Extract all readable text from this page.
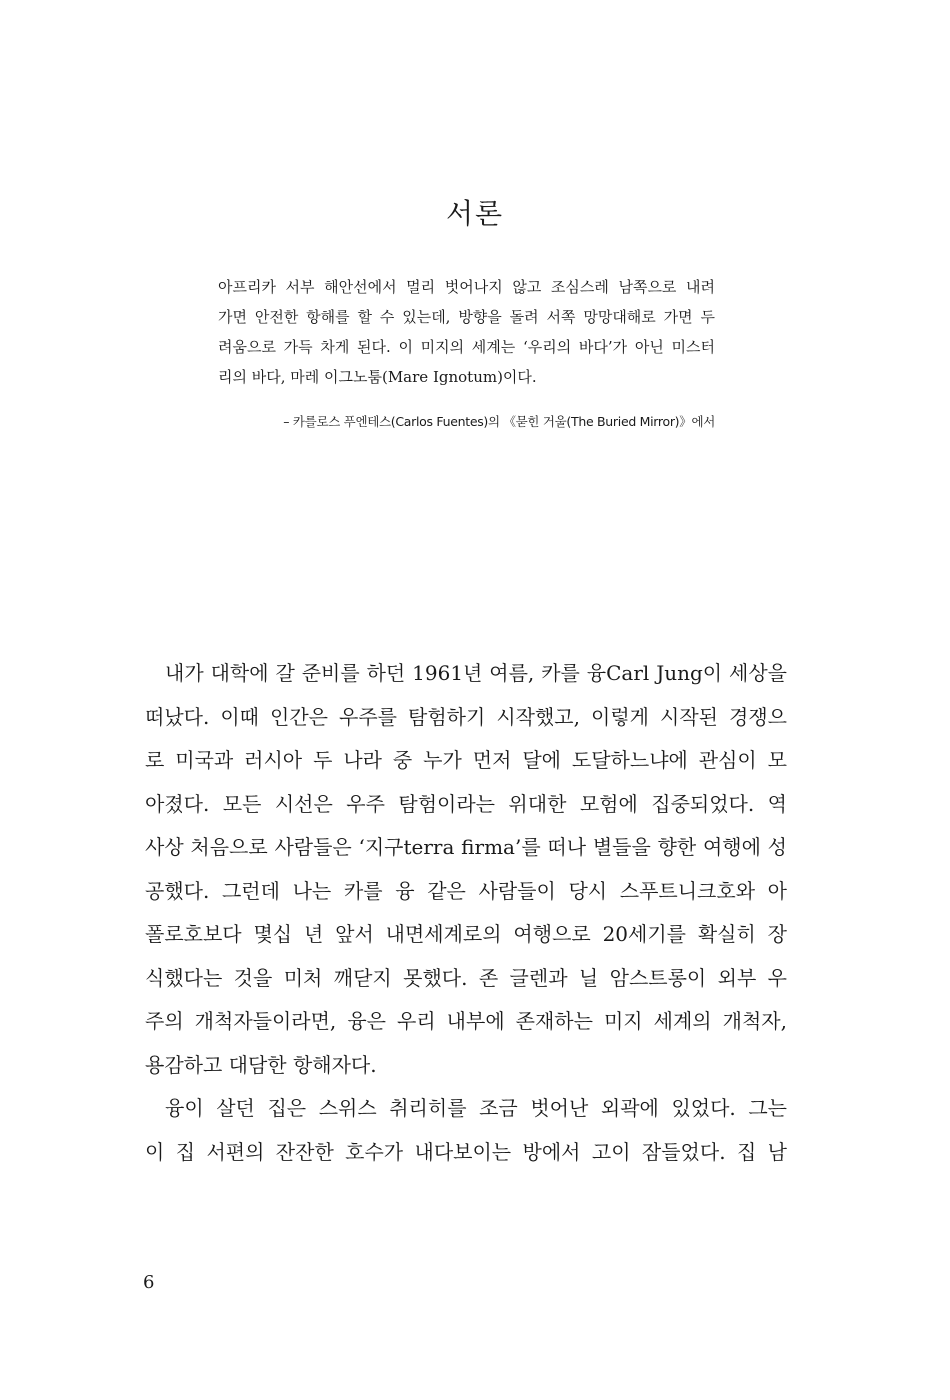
서론

아프리카 서부 해안선에서 멀리 벗어나지 않고 조심스레 남쪽으로 내려
가면 안전한 항해를 할 수 있는데, 방향을 돌려 서쪽 망망대해로 가면 두
려움으로 가득 차게 된다. 이 미지의 세계는 ‘우리의 바다’가 아닌 미스터
리의 바다, 마레 이그노툼(Mare Ignotum)이다.

– 카를로스 푸엔테스(Carlos Fuentes)의 《묻힌 거울(The Buried Mirror)》에서

내가 대학에 갈 준비를 하던 1961년 여름, 카를 융Carl Jung이 세상을
떠났다. 이때 인간은 우주를 탐험하기 시작했고, 이렇게 시작된 경쟁으
로 미국과 러시아 두 나라 중 누가 먼저 달에 도달하느냐에 관심이 모
아졌다. 모든 시선은 우주 탐험이라는 위대한 모험에 집중되었다. 역
사상 처음으로 사람들은 ‘지구terra firma’를 떠나 별들을 향한 여행에 성
공했다. 그런데 나는 카를 융 같은 사람들이 당시 스푸트니크호와 아
폴로호보다 몇십 년 앞서 내면세계로의 여행으로 20세기를 확실히 장
식했다는 것을 미처 깨닫지 못했다. 존 글렌과 닐 암스트롱이 외부 우
주의 개척자들이라면, 융은 우리 내부에 존재하는 미지 세계의 개척자,
용감하고 대담한 항해자다.
융이 살던 집은 스위스 취리히를 조금 벗어난 외곽에 있었다. 그는
이 집 서편의 잔잔한 호수가 내다보이는 방에서 고이 잠들었다. 집 남

6
